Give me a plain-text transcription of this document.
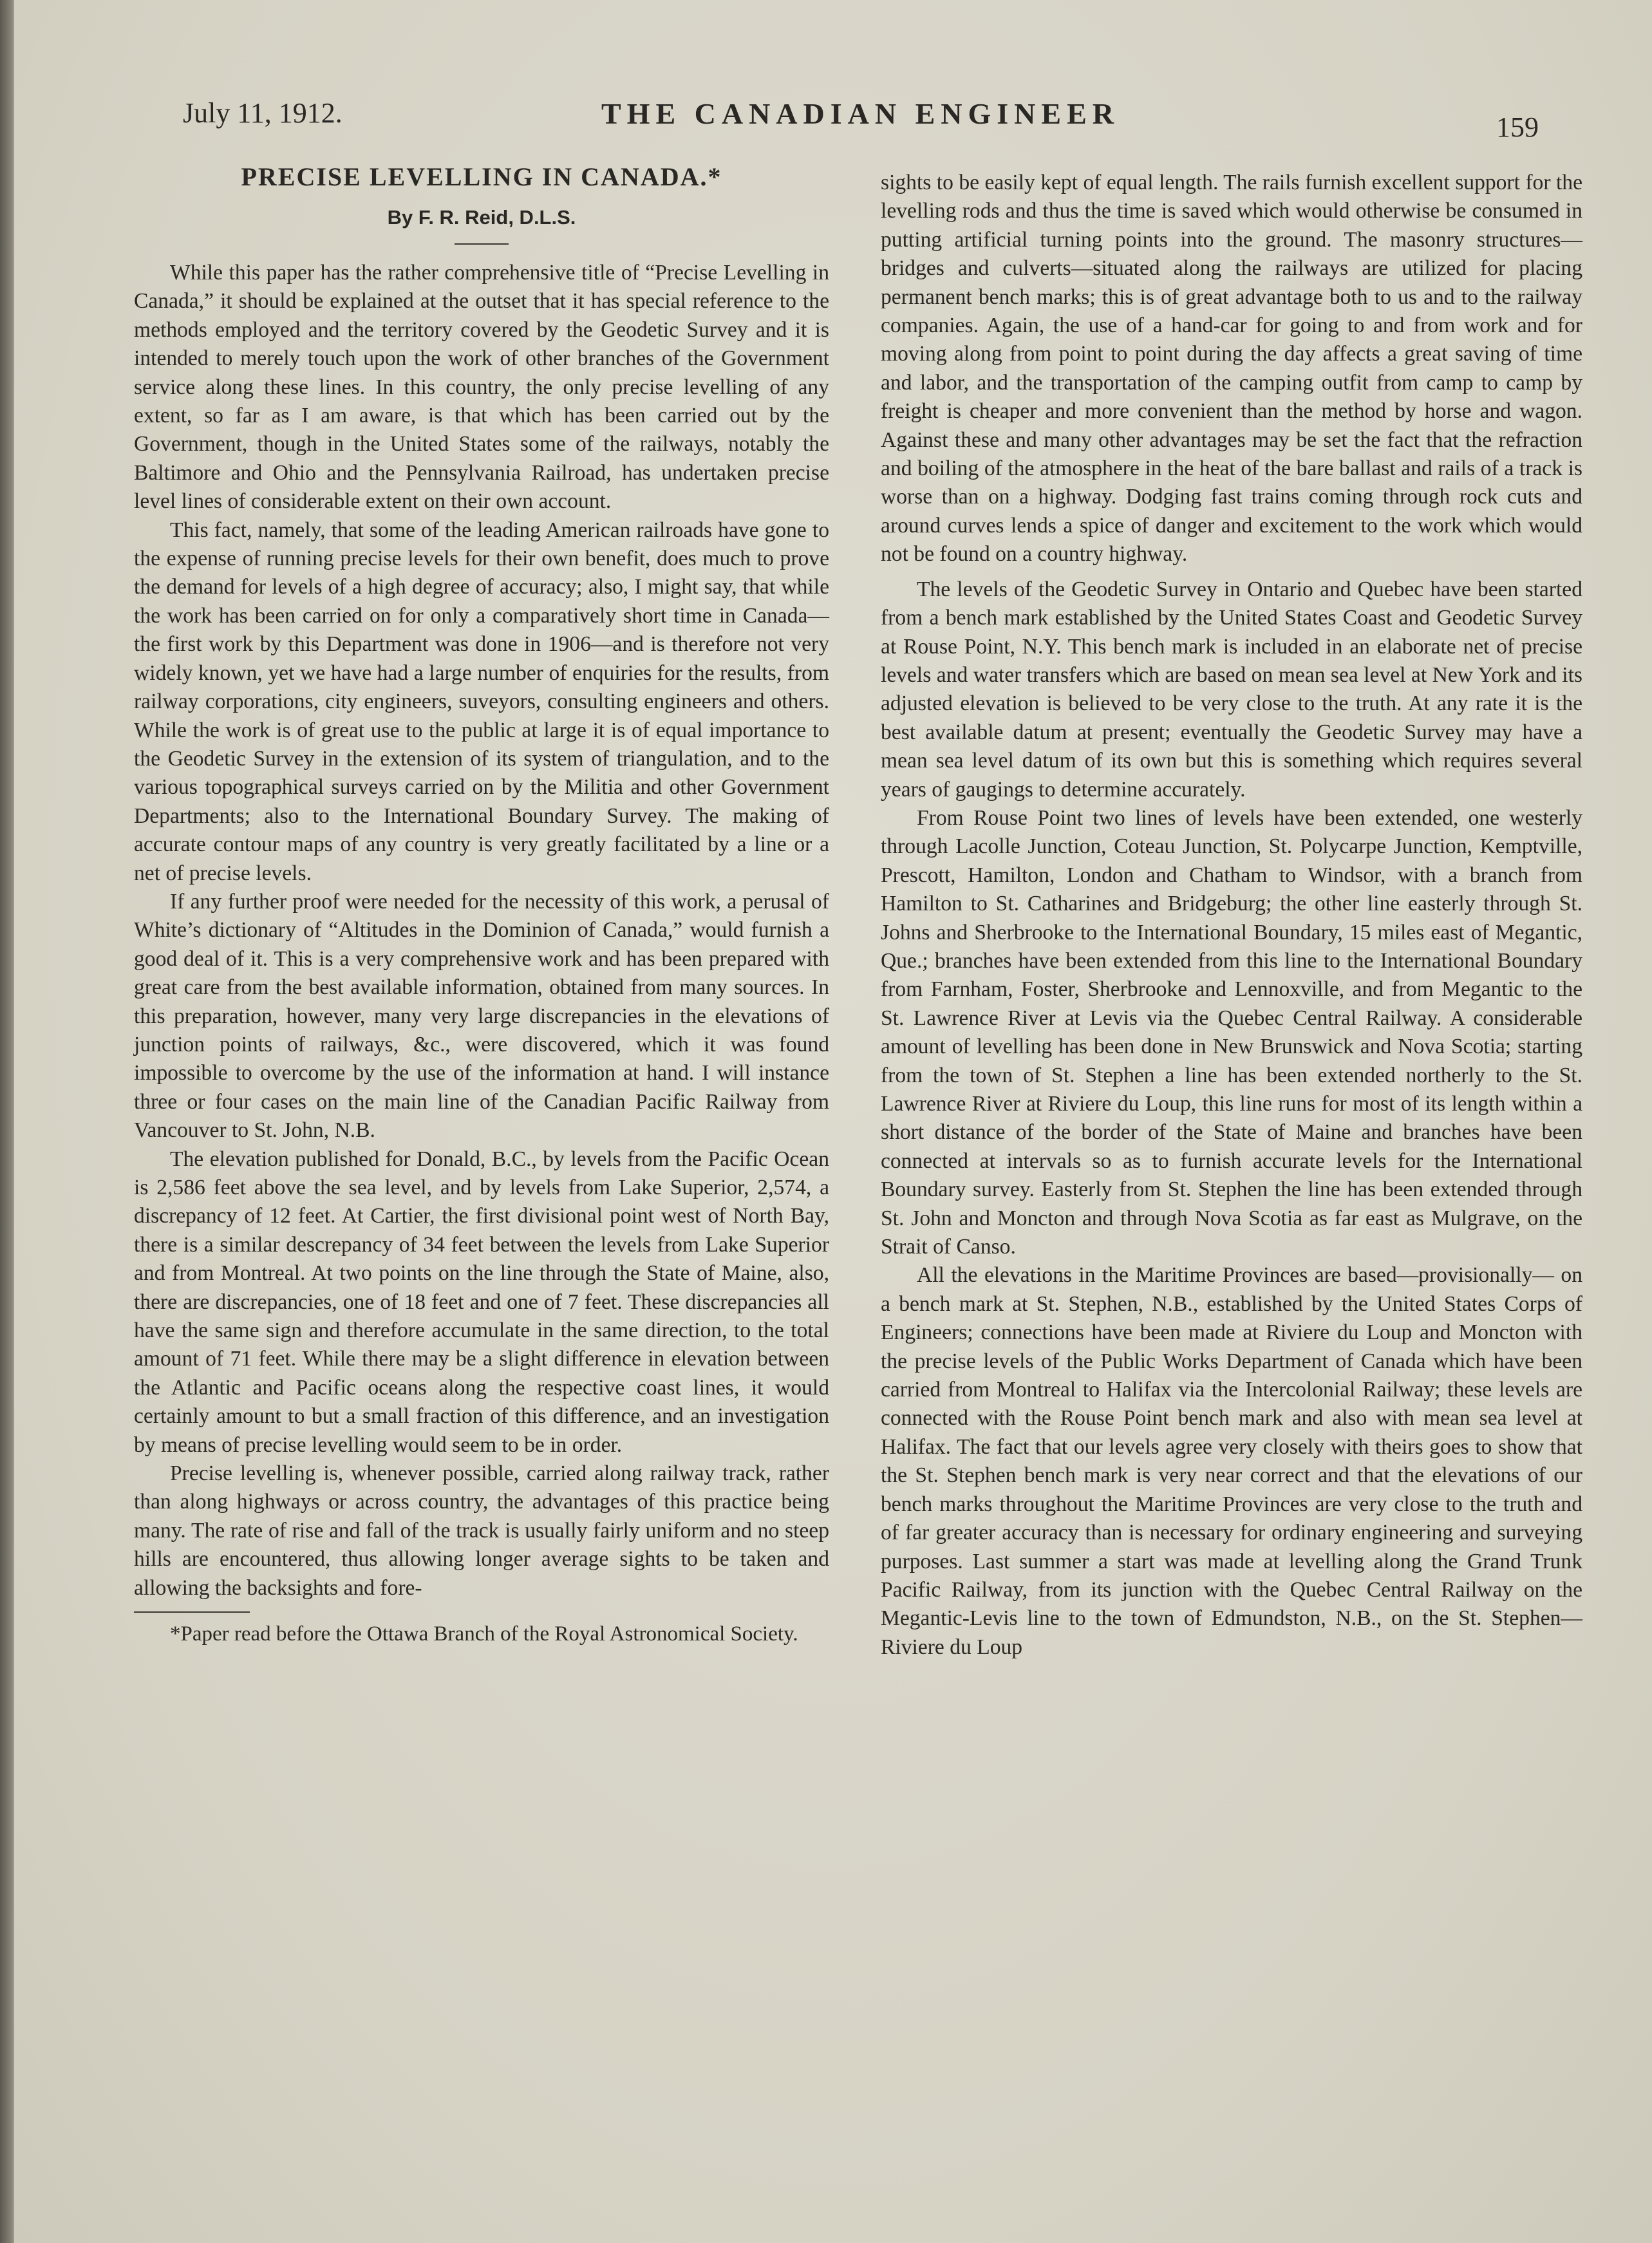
July 11, 1912.	THE CANADIAN ENGINEER	159
PRECISE LEVELLING IN CANADA.*
By F. R. Reid, D.L.S.

While this paper has the rather comprehensive title of “Precise Levelling in Canada,” it should be explained at the outset that it has special reference to the methods employed and the territory covered by the Geodetic Survey and it is intended to merely touch upon the work of other branches of the Government service along these lines. In this country, the only precise levelling of any extent, so far as I am aware, is that which has been carried out by the Government, though in the United States some of the railways, notably the Baltimore and Ohio and the Pennsylvania Railroad, has undertaken precise level lines of considerable extent on their own account.

This fact, namely, that some of the leading American railroads have gone to the expense of running precise levels for their own benefit, does much to prove the demand for levels of a high degree of accuracy; also, I might say, that while the work has been carried on for only a comparatively short time in Canada—the first work by this Department was done in 1906—and is therefore not very widely known, yet we have had a large number of enquiries for the results, from railway corporations, city engineers, suveyors, consulting engineers and others. While the work is of great use to the public at large it is of equal importance to the Geodetic Survey in the extension of its system of triangulation, and to the various topographical surveys carried on by the Militia and other Government Departments; also to the International Boundary Survey. The making of accurate contour maps of any country is very greatly facilitated by a line or a net of precise levels.

If any further proof were needed for the necessity of this work, a perusal of White’s dictionary of “Altitudes in the Dominion of Canada,” would furnish a good deal of it. This is a very comprehensive work and has been prepared with great care from the best available information, obtained from many sources. In this preparation, however, many very large discrepancies in the elevations of junction points of railways, &c., were discovered, which it was found impossible to overcome by the use of the information at hand. I will instance three or four cases on the main line of the Canadian Pacific Railway from Vancouver to St. John, N.B.

The elevation published for Donald, B.C., by levels from the Pacific Ocean is 2,586 feet above the sea level, and by levels from Lake Superior, 2,574, a discrepancy of 12 feet. At Cartier, the first divisional point west of North Bay, there is a similar descrepancy of 34 feet between the levels from Lake Superior and from Montreal. At two points on the line through the State of Maine, also, there are discrepancies, one of 18 feet and one of 7 feet. These discrepancies all have the same sign and therefore accumulate in the same direction, to the total amount of 71 feet. While there may be a slight difference in elevation between the Atlantic and Pacific oceans along the respective coast lines, it would certainly amount to but a small fraction of this difference, and an investigation by means of precise levelling would seem to be in order.

Precise levelling is, whenever possible, carried along railway track, rather than along highways or across country, the advantages of this practice being many. The rate of rise and fall of the track is usually fairly uniform and no steep hills are encountered, thus allowing longer average sights to be taken and allowing the backsights and fore-

*Paper read before the Ottawa Branch of the Royal Astronomical Society.

sights to be easily kept of equal length. The rails furnish excellent support for the levelling rods and thus the time is saved which would otherwise be consumed in putting artificial turning points into the ground. The masonry structures—bridges and culverts—situated along the railways are utilized for placing permanent bench marks; this is of great advantage both to us and to the railway companies. Again, the use of a hand-car for going to and from work and for moving along from point to point during the day affects a great saving of time and labor, and the transportation of the camping outfit from camp to camp by freight is cheaper and more convenient than the method by horse and wagon. Against these and many other advantages may be set the fact that the refraction and boiling of the atmosphere in the heat of the bare ballast and rails of a track is worse than on a highway. Dodging fast trains coming through rock cuts and around curves lends a spice of danger and excitement to the work which would not be found on a country highway.

The levels of the Geodetic Survey in Ontario and Quebec have been started from a bench mark established by the United States Coast and Geodetic Survey at Rouse Point, N.Y. This bench mark is included in an elaborate net of precise levels and water transfers which are based on mean sea level at New York and its adjusted elevation is believed to be very close to the truth. At any rate it is the best available datum at present; eventually the Geodetic Survey may have a mean sea level datum of its own but this is something which requires several years of gaugings to determine accurately.

From Rouse Point two lines of levels have been extended, one westerly through Lacolle Junction, Coteau Junction, St. Polycarpe Junction, Kemptville, Prescott, Hamilton, London and Chatham to Windsor, with a branch from Hamilton to St. Catharines and Bridgeburg; the other line easterly through St. Johns and Sherbrooke to the International Boundary, 15 miles east of Megantic, Que.; branches have been extended from this line to the International Boundary from Farnham, Foster, Sherbrooke and Lennoxville, and from Megantic to the St. Lawrence River at Levis via the Quebec Central Railway. A considerable amount of levelling has been done in New Brunswick and Nova Scotia; starting from the town of St. Stephen a line has been extended northerly to the St. Lawrence River at Riviere du Loup, this line runs for most of its length within a short distance of the border of the State of Maine and branches have been connected at intervals so as to furnish accurate levels for the International Boundary survey. Easterly from St. Stephen the line has been extended through St. John and Moncton and through Nova Scotia as far east as Mulgrave, on the Strait of Canso.

All the elevations in the Maritime Provinces are based—provisionally— on a bench mark at St. Stephen, N.B., established by the United States Corps of Engineers; connections have been made at Riviere du Loup and Moncton with the precise levels of the Public Works Department of Canada which have been carried from Montreal to Halifax via the Intercolonial Railway; these levels are connected with the Rouse Point bench mark and also with mean sea level at Halifax. The fact that our levels agree very closely with theirs goes to show that the St. Stephen bench mark is very near correct and that the elevations of our bench marks throughout the Maritime Provinces are very close to the truth and of far greater accuracy than is necessary for ordinary engineering and surveying purposes. Last summer a start was made at levelling along the Grand Trunk Pacific Railway, from its junction with the Quebec Central Railway on the Megantic-Levis line to the town of Edmundston, N.B., on the St. Stephen—Riviere du Loup
